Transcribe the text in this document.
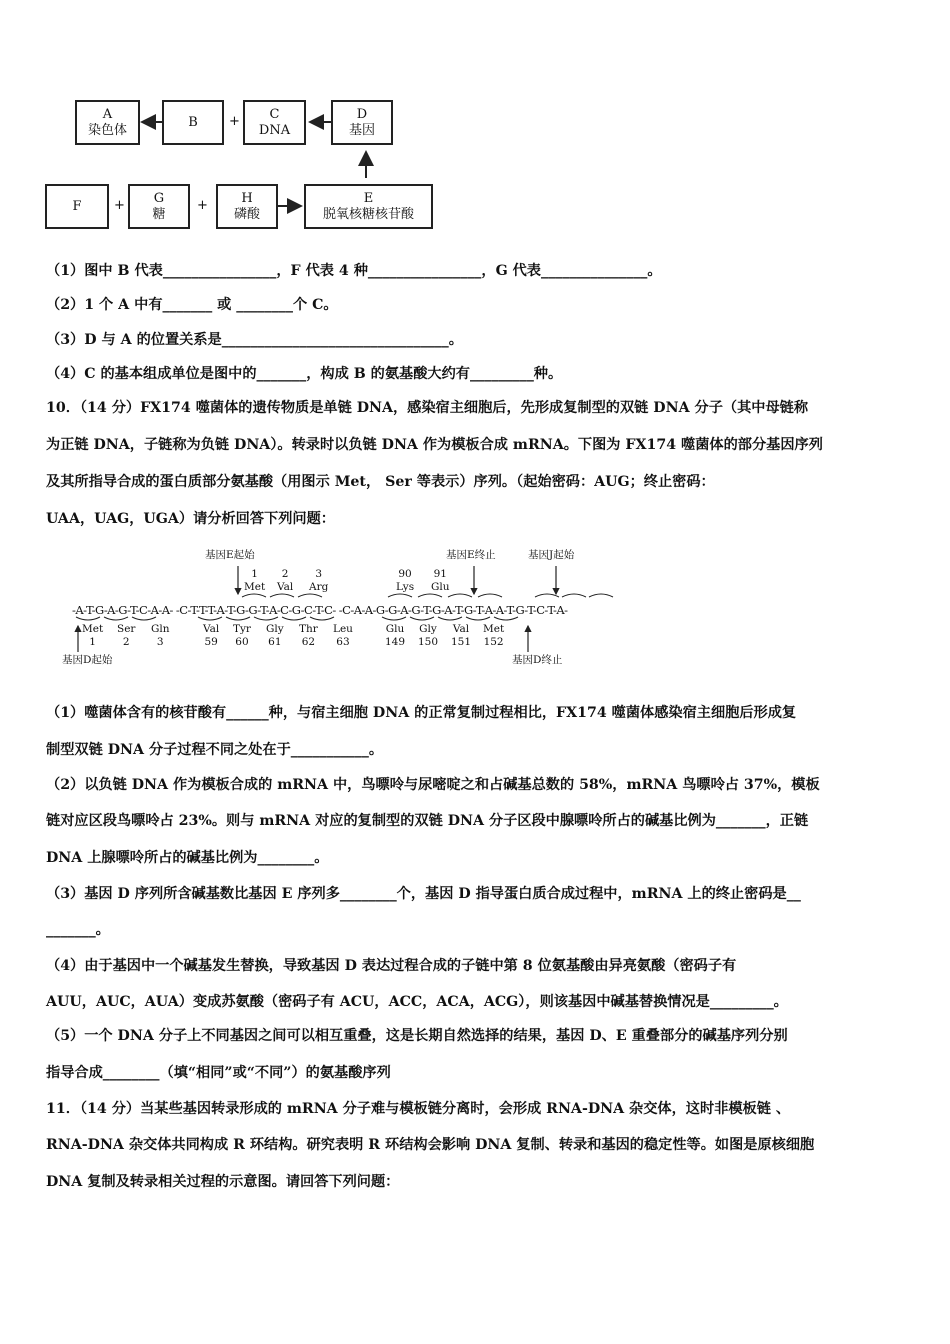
A
染色体
B + C
DNA
D
基因
F + G
糖
+	H
磷酸
E
脱氧核糖核苷酸
（1）图中 B 代表________________，F 代表 4 种________________，G 代表_______________。
（2）1 个 A 中有_______ 或 ________个 C。
（3）D 与 A 的位置关系是________________________________。
（4）C 的基本组成单位是图中的_______，构成 B 的氨基酸大约有_________种。
10．（14 分）FX174 噬菌体的遗传物质是单链 DNA，感染宿主细胞后，先形成复制型的双链 DNA 分子（其中母链称
为正链 DNA，子链称为负链 DNA）。转录时以负链 DNA 作为模板合成 mRNA。下图为 FX174 噬菌体的部分基因序列
及其所指导合成的蛋白质部分氨基酸（用图示 Met， Ser 等表示）序列。（起始密码：AUG；终止密码：
UAA，UAG，UGA）请分析回答下列问题：
基因E起始	基因E终止	基因J起始
1
Met
2
Val
3
Arg
90
Lys
91
Glu
-A-T-G-A-G-T-C-A-A- -C-T-T-T-A-T-G-G-T-A-C-G-C-T-C- -C-A-A-G-G-A-G-T-G-A-T-G-T-A-A-T-G-T-C-T-A-
Met
1
Ser
2
Gln
3
Val
59
Tyr
60
Gly
61
Thr
62
Leu
63
Glu
149
Gly
150
Val
151
Met
152
基因D起始	基因D终止
（1）噬菌体含有的核苷酸有______种，与宿主细胞 DNA 的正常复制过程相比，FX174 噬菌体感染宿主细胞后形成复
制型双链 DNA 分子过程不同之处在于___________。
（2）以负链 DNA 作为模板合成的 mRNA 中，鸟嘌呤与尿嘧啶之和占碱基总数的 58%，mRNA 鸟嘌呤占 37%，模板
链对应区段鸟嘌呤占 23%。则与 mRNA 对应的复制型的双链 DNA 分子区段中腺嘌呤所占的碱基比例为_______，正链
DNA 上腺嘌呤所占的碱基比例为________。
（3）基因 D 序列所含碱基数比基因 E 序列多________个，基因 D 指导蛋白质合成过程中，mRNA 上的终止密码是__
_______。
（4）由于基因中一个碱基发生替换，导致基因 D 表达过程合成的子链中第 8 位氨基酸由异亮氨酸（密码子有
AUU，AUC，AUA）变成苏氨酸（密码子有 ACU，ACC，ACA，ACG），则该基因中碱基替换情况是_________。
（5）一个 DNA 分子上不同基因之间可以相互重叠，这是长期自然选择的结果，基因 D、E 重叠部分的碱基序列分别
指导合成________（填“相同”或“不同”）的氨基酸序列
11．（14 分）当某些基因转录形成的 mRNA 分子难与模板链分离时，会形成 RNA-DNA 杂交体，这时非模板链 、
RNA-DNA 杂交体共同构成 R 环结构。研究表明 R 环结构会影响 DNA 复制、转录和基因的稳定性等。如图是原核细胞
DNA 复制及转录相关过程的示意图。请回答下列问题：
